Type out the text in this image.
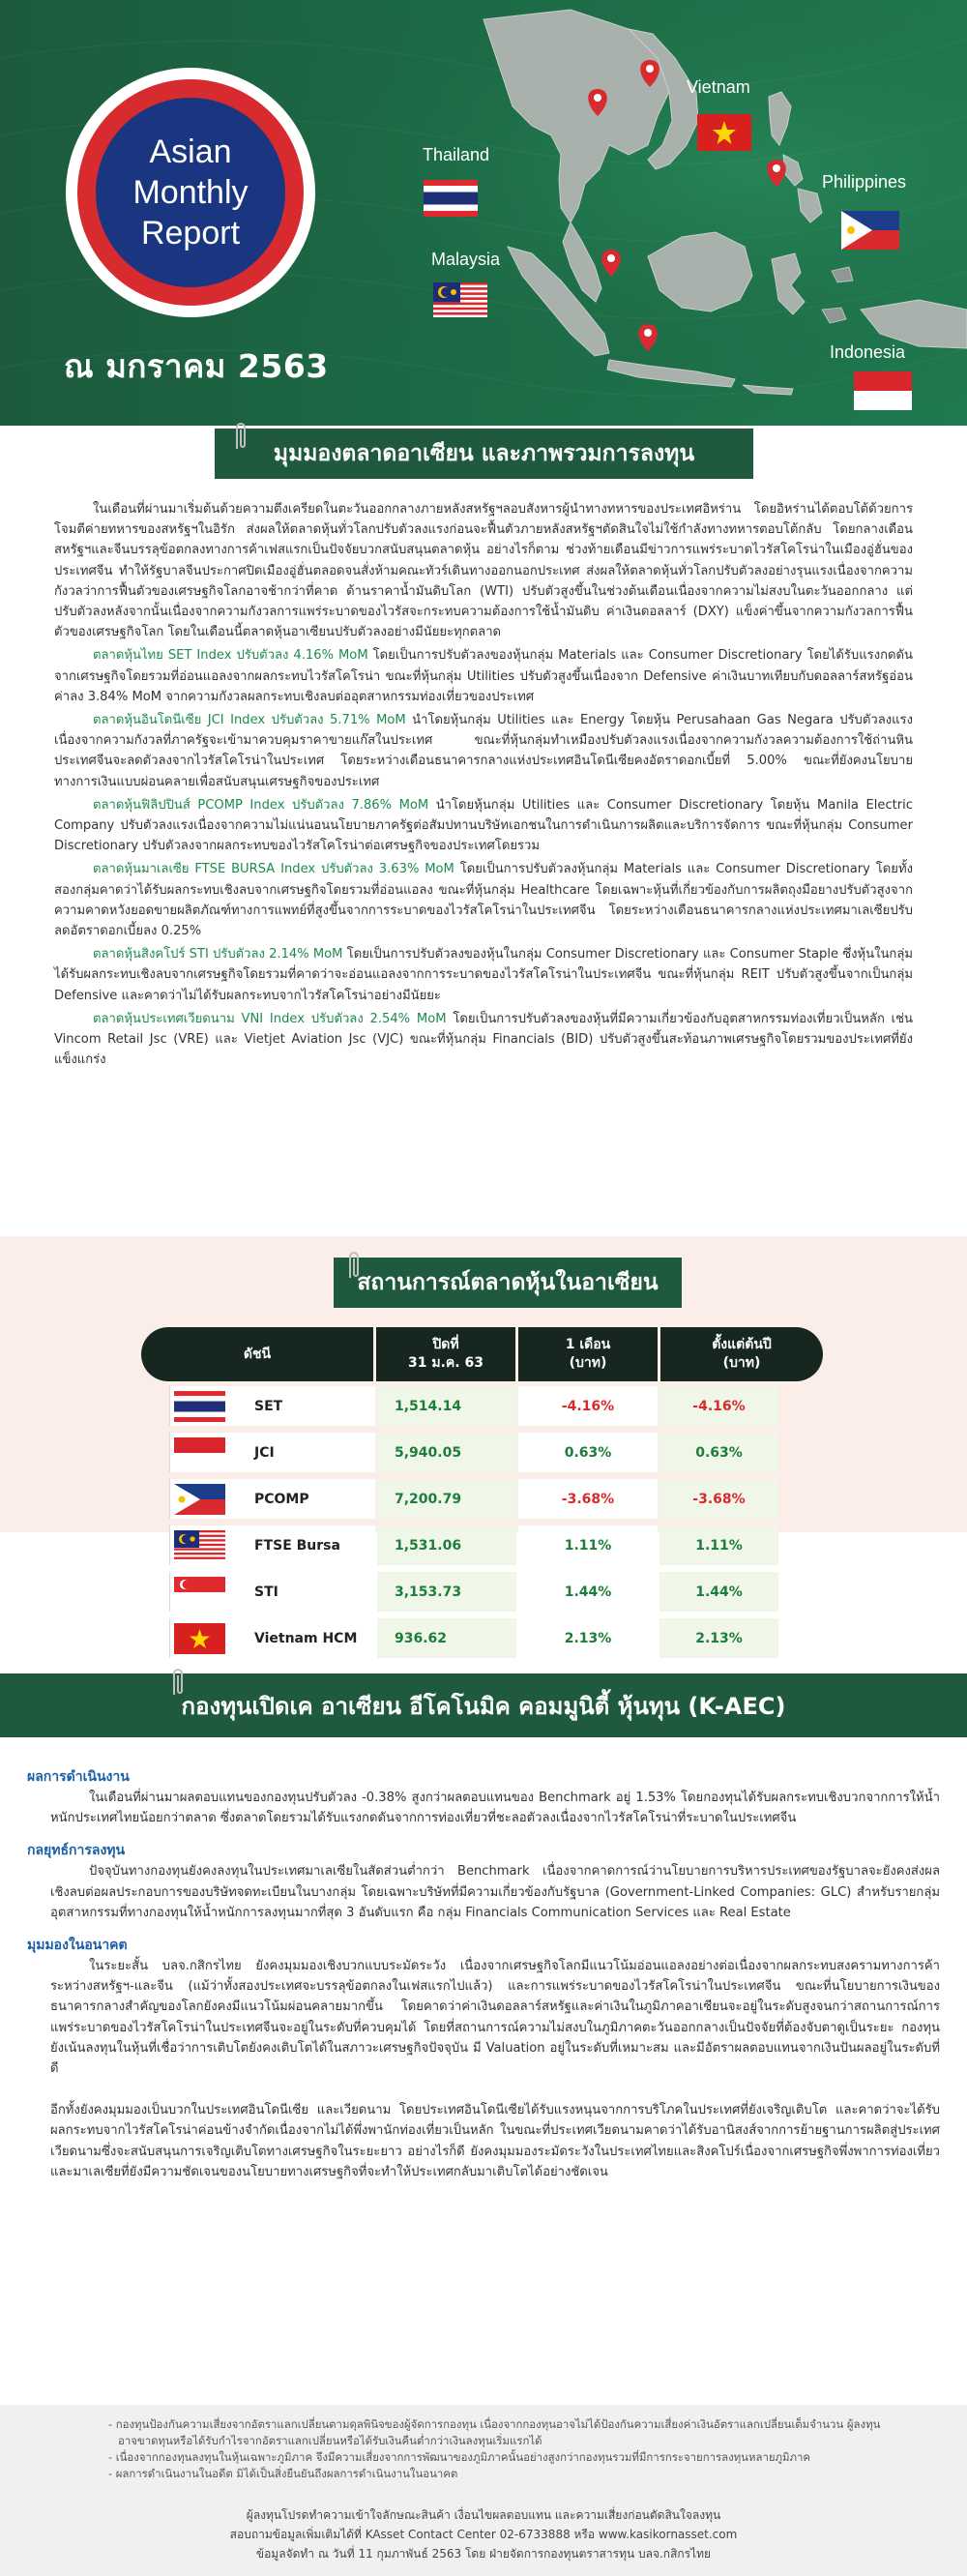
Asian
Monthly
Report
ณ มกราคม 2563
Vietnam
Thailand
Philippines
Malaysia
Indonesia
มุมมองตลาดอาเซียน และภาพรวมการลงทุน

ในเดือนที่ผ่านมาเริ่มต้นด้วยความตึงเครียดในตะวันออกกลางภายหลังสหรัฐฯลอบสังหารผู้นำทางทหารของประเทศอิหร่าน โดยอิหร่านได้ตอบโต้ด้วยการโจมตีค่ายทหารของสหรัฐฯในอิรัก ส่งผลให้ตลาดหุ้นทั่วโลกปรับตัวลงแรงก่อนจะฟื้นตัวภายหลังสหรัฐฯตัดสินใจไม่ใช้กำลังทางทหารตอบโต้กลับ โดยกลางเดือนสหรัฐฯและจีนบรรลุข้อตกลงทางการค้าเฟสแรกเป็นปัจจัยบวกสนับสนุนตลาดหุ้น อย่างไรก็ตาม ช่วงท้ายเดือนมีข่าวการแพร่ระบาดไวรัสโคโรน่าในเมืองอู่ฮั่นของประเทศจีน ทำให้รัฐบาลจีนประกาศปิดเมืองอู่ฮั่นตลอดจนสั่งห้ามคณะทัวร์เดินทางออกนอกประเทศ ส่งผลให้ตลาดหุ้นทั่วโลกปรับตัวลงอย่างรุนแรงเนื่องจากความกังวลว่าการฟื้นตัวของเศรษฐกิจโลกอาจช้ากว่าที่คาด ด้านราคาน้ำมันดิบโลก (WTI) ปรับตัวสูงขึ้นในช่วงต้นเดือนเนื่องจากความไม่สงบในตะวันออกกลาง แต่ปรับตัวลงหลังจากนั้นเนื่องจากความกังวลการแพร่ระบาดของไวรัสจะกระทบความต้องการใช้น้ำมันดิบ ค่าเงินดอลลาร์ (DXY) แข็งค่าขึ้นจากความกังวลการฟื้นตัวของเศรษฐกิจโลก โดยในเดือนนี้ตลาดหุ้นอาเซียนปรับตัวลงอย่างมีนัยยะทุกตลาด

ตลาดหุ้นไทย SET Index ปรับตัวลง 4.16% MoM โดยเป็นการปรับตัวลงของหุ้นกลุ่ม Materials และ Consumer Discretionary โดยได้รับแรงกดดันจากเศรษฐกิจโดยรวมที่อ่อนแอลงจากผลกระทบไวรัสโคโรน่า ขณะที่หุ้นกลุ่ม Utilities ปรับตัวสูงขึ้นเนื่องจาก Defensive ค่าเงินบาทเทียบกับดอลลาร์สหรัฐอ่อนค่าลง 3.84% MoM จากความกังวลผลกระทบเชิงลบต่ออุตสาหกรรมท่องเที่ยวของประเทศ

ตลาดหุ้นอินโดนีเซีย JCI Index ปรับตัวลง 5.71% MoM นำโดยหุ้นกลุ่ม Utilities และ Energy โดยหุ้น Perusahaan Gas Negara ปรับตัวลงแรงเนื่องจากความกังวลที่ภาครัฐจะเข้ามาควบคุมราคาขายแก๊สในประเทศ ขณะที่หุ้นกลุ่มทำเหมืองปรับตัวลงแรงเนื่องจากความกังวลความต้องการใช้ถ่านหินประเทศจีนจะลดตัวลงจากไวรัสโคโรน่าในประเทศ โดยระหว่างเดือนธนาคารกลางแห่งประเทศอินโดนีเซียคงอัตราดอกเบี้ยที่ 5.00% ขณะที่ยังคงนโยบายทางการเงินแบบผ่อนคลายเพื่อสนับสนุนเศรษฐกิจของประเทศ

ตลาดหุ้นฟิลิปปินส์ PCOMP Index ปรับตัวลง 7.86% MoM นำโดยหุ้นกลุ่ม Utilities และ Consumer Discretionary โดยหุ้น Manila Electric Company ปรับตัวลงแรงเนื่องจากความไม่แน่นอนนโยบายภาครัฐต่อสัมปทานบริษัทเอกชนในการดำเนินการผลิตและบริการจัดการ ขณะที่หุ้นกลุ่ม Consumer Discretionary ปรับตัวลงจากผลกระทบของไวรัสโคโรน่าต่อเศรษฐกิจของประเทศโดยรวม

ตลาดหุ้นมาเลเซีย FTSE BURSA Index ปรับตัวลง 3.63% MoM โดยเป็นการปรับตัวลงหุ้นกลุ่ม Materials และ Consumer Discretionary โดยทั้งสองกลุ่มคาดว่าได้รับผลกระทบเชิงลบจากเศรษฐกิจโดยรวมที่อ่อนแอลง ขณะที่หุ้นกลุ่ม Healthcare โดยเฉพาะหุ้นที่เกี่ยวข้องกับการผลิตถุงมือยางปรับตัวสูงจากความคาดหวังยอดขายผลิตภัณฑ์ทางการแพทย์ที่สูงขึ้นจากการระบาดของไวรัสโคโรน่าในประเทศจีน โดยระหว่างเดือนธนาคารกลางแห่งประเทศมาเลเซียปรับลดอัตราดอกเบี้ยลง 0.25%

ตลาดหุ้นสิงคโปร์ STI ปรับตัวลง 2.14% MoM โดยเป็นการปรับตัวลงของหุ้นในกลุ่ม Consumer Discretionary และ Consumer Staple ซึ่งหุ้นในกลุ่มได้รับผลกระทบเชิงลบจากเศรษฐกิจโดยรวมที่คาดว่าจะอ่อนแอลงจากการระบาดของไวรัสโคโรน่าในประเทศจีน ขณะที่หุ้นกลุ่ม REIT ปรับตัวสูงขึ้นจากเป็นกลุ่ม Defensive และคาดว่าไม่ได้รับผลกระทบจากไวรัสโคโรน่าอย่างมีนัยยะ

ตลาดหุ้นประเทศเวียดนาม VNI Index ปรับตัวลง 2.54% MoM โดยเป็นการปรับตัวลงของหุ้นที่มีความเกี่ยวข้องกับอุตสาหกรรมท่องเที่ยวเป็นหลัก เช่น Vincom Retail Jsc (VRE) และ Vietjet Aviation Jsc (VJC) ขณะที่หุ้นกลุ่ม Financials (BID) ปรับตัวสูงขึ้นสะท้อนภาพเศรษฐกิจโดยรวมของประเทศที่ยังแข็งแกร่ง

สถานการณ์ตลาดหุ้นในอาเซียน
ดัชนี
ปิดที่
31 ม.ค. 63
1 เดือน
(บาท)
ตั้งแต่ต้นปี
(บาท)
SET	1,514.14	-4.16%	-4.16%
JCI	5,940.05	0.63%	0.63%
PCOMP	7,200.79	-3.68%	-3.68%
FTSE Bursa	1,531.06	1.11%	1.11%
STI	3,153.73	1.44%	1.44%
Vietnam HCM	936.62	2.13%	2.13%
กองทุนเปิดเค อาเซียน อีโคโนมิค คอมมูนิตี้ หุ้นทุน (K-AEC)
ผลการดำเนินงาน

ในเดือนที่ผ่านมาผลตอบแทนของกองทุนปรับตัวลง -0.38% สูงกว่าผลตอบแทนของ Benchmark อยู่ 1.53% โดยกองทุนได้รับผลกระทบเชิงบวกจากการให้น้ำหนักประเทศไทยน้อยกว่าตลาด ซึ่งตลาดโดยรวมได้รับแรงกดดันจากการท่องเที่ยวที่ชะลอตัวลงเนื่องจากไวรัสโคโรน่าที่ระบาดในประเทศจีน

กลยุทธ์การลงทุน

ปัจจุบันทางกองทุนยังคงลงทุนในประเทศมาเลเซียในสัดส่วนต่ำกว่า Benchmark เนื่องจากคาดการณ์ว่านโยบายการบริหารประเทศของรัฐบาลจะยังคงส่งผลเชิงลบต่อผลประกอบการของบริษัทจดทะเบียนในบางกลุ่ม โดยเฉพาะบริษัทที่มีความเกี่ยวข้องกับรัฐบาล (Government-Linked Companies: GLC) สำหรับรายกลุ่มอุตสาหกรรมที่ทางกองทุนให้น้ำหนักการลงทุนมากที่สุด 3 อันดับแรก คือ กลุ่ม Financials Communication Services และ Real Estate

มุมมองในอนาคต

ในระยะสั้น บลจ.กสิกรไทย ยังคงมุมมองเชิงบวกแบบระมัดระวัง เนื่องจากเศรษฐกิจโลกมีแนวโน้มอ่อนแอลงอย่างต่อเนื่องจากผลกระทบสงครามทางการค้าระหว่างสหรัฐฯ-และจีน (แม้ว่าทั้งสองประเทศจะบรรลุข้อตกลงในเฟสแรกไปแล้ว) และการแพร่ระบาดของไวรัสโคโรน่าในประเทศจีน ขณะที่นโยบายการเงินของธนาคารกลางสำคัญของโลกยังคงมีแนวโน้มผ่อนคลายมากขึ้น โดยคาดว่าค่าเงินดอลลาร์สหรัฐและค่าเงินในภูมิภาคอาเซียนจะอยู่ในระดับสูงจนกว่าสถานการณ์การแพร่ระบาดของไวรัสโคโรน่าในประเทศจีนจะอยู่ในระดับที่ควบคุมได้ โดยที่สถานการณ์ความไม่สงบในภูมิภาคตะวันออกกลางเป็นปัจจัยที่ต้องจับตาดูเป็นระยะ กองทุนยังเน้นลงทุนในหุ้นที่เชื่อว่าการเติบโตยังคงเติบโตได้ในสภาวะเศรษฐกิจปัจจุบัน มี Valuation อยู่ในระดับที่เหมาะสม และมีอัตราผลตอบแทนจากเงินปันผลอยู่ในระดับที่ดี

อีกทั้งยังคงมุมมองเป็นบวกในประเทศอินโดนีเซีย และเวียดนาม โดยประเทศอินโดนีเซียได้รับแรงหนุนจากการบริโภคในประเทศที่ยังเจริญเติบโต และคาดว่าจะได้รับผลกระทบจากไวรัสโคโรน่าค่อนข้างจำกัดเนื่องจากไม่ได้พึ่งพานักท่องเที่ยวเป็นหลัก ในขณะที่ประเทศเวียดนามคาดว่าได้รับอานิสงส์จากการย้ายฐานการผลิตสู่ประเทศเวียดนามซึ่งจะสนับสนุนการเจริญเติบโตทางเศรษฐกิจในระยะยาว อย่างไรก็ดี ยังคงมุมมองระมัดระวังในประเทศไทยและสิงคโปร์เนื่องจากเศรษฐกิจพึ่งพาการท่องเที่ยว และมาเลเซียที่ยังมีความชัดเจนของนโยบายทางเศรษฐกิจที่จะทำให้ประเทศกลับมาเติบโตได้อย่างชัดเจน

- กองทุนป้องกันความเสี่ยงจากอัตราแลกเปลี่ยนตามดุลพินิจของผู้จัดการกองทุน เนื่องจากกองทุนอาจไม่ได้ป้องกันความเสี่ยงค่าเงินอัตราแลกเปลี่ยนเต็มจำนวน ผู้ลงทุนอาจขาดทุนหรือได้รับกำไรจากอัตราแลกเปลี่ยนหรือได้รับเงินคืนต่ำกว่าเงินลงทุนเริ่มแรกได้
- เนื่องจากกองทุนลงทุนในหุ้นเฉพาะภูมิภาค จึงมีความเสี่ยงจากการพัฒนาของภูมิภาคนั้นอย่างสูงกว่ากองทุนรวมที่มีการกระจายการลงทุนหลายภูมิภาค
- ผลการดำเนินงานในอดีต มิได้เป็นสิ่งยืนยันถึงผลการดำเนินงานในอนาคต
ผู้ลงทุนโปรดทำความเข้าใจลักษณะสินค้า เงื่อนไขผลตอบแทน และความเสี่ยงก่อนตัดสินใจลงทุน
สอบถามข้อมูลเพิ่มเติมได้ที่ KAsset Contact Center 02-6733888 หรือ www.kasikornasset.com
ข้อมูลจัดทำ ณ วันที่ 11 กุมภาพันธ์ 2563 โดย ฝ่ายจัดการกองทุนตราสารทุน บลจ.กสิกรไทย
